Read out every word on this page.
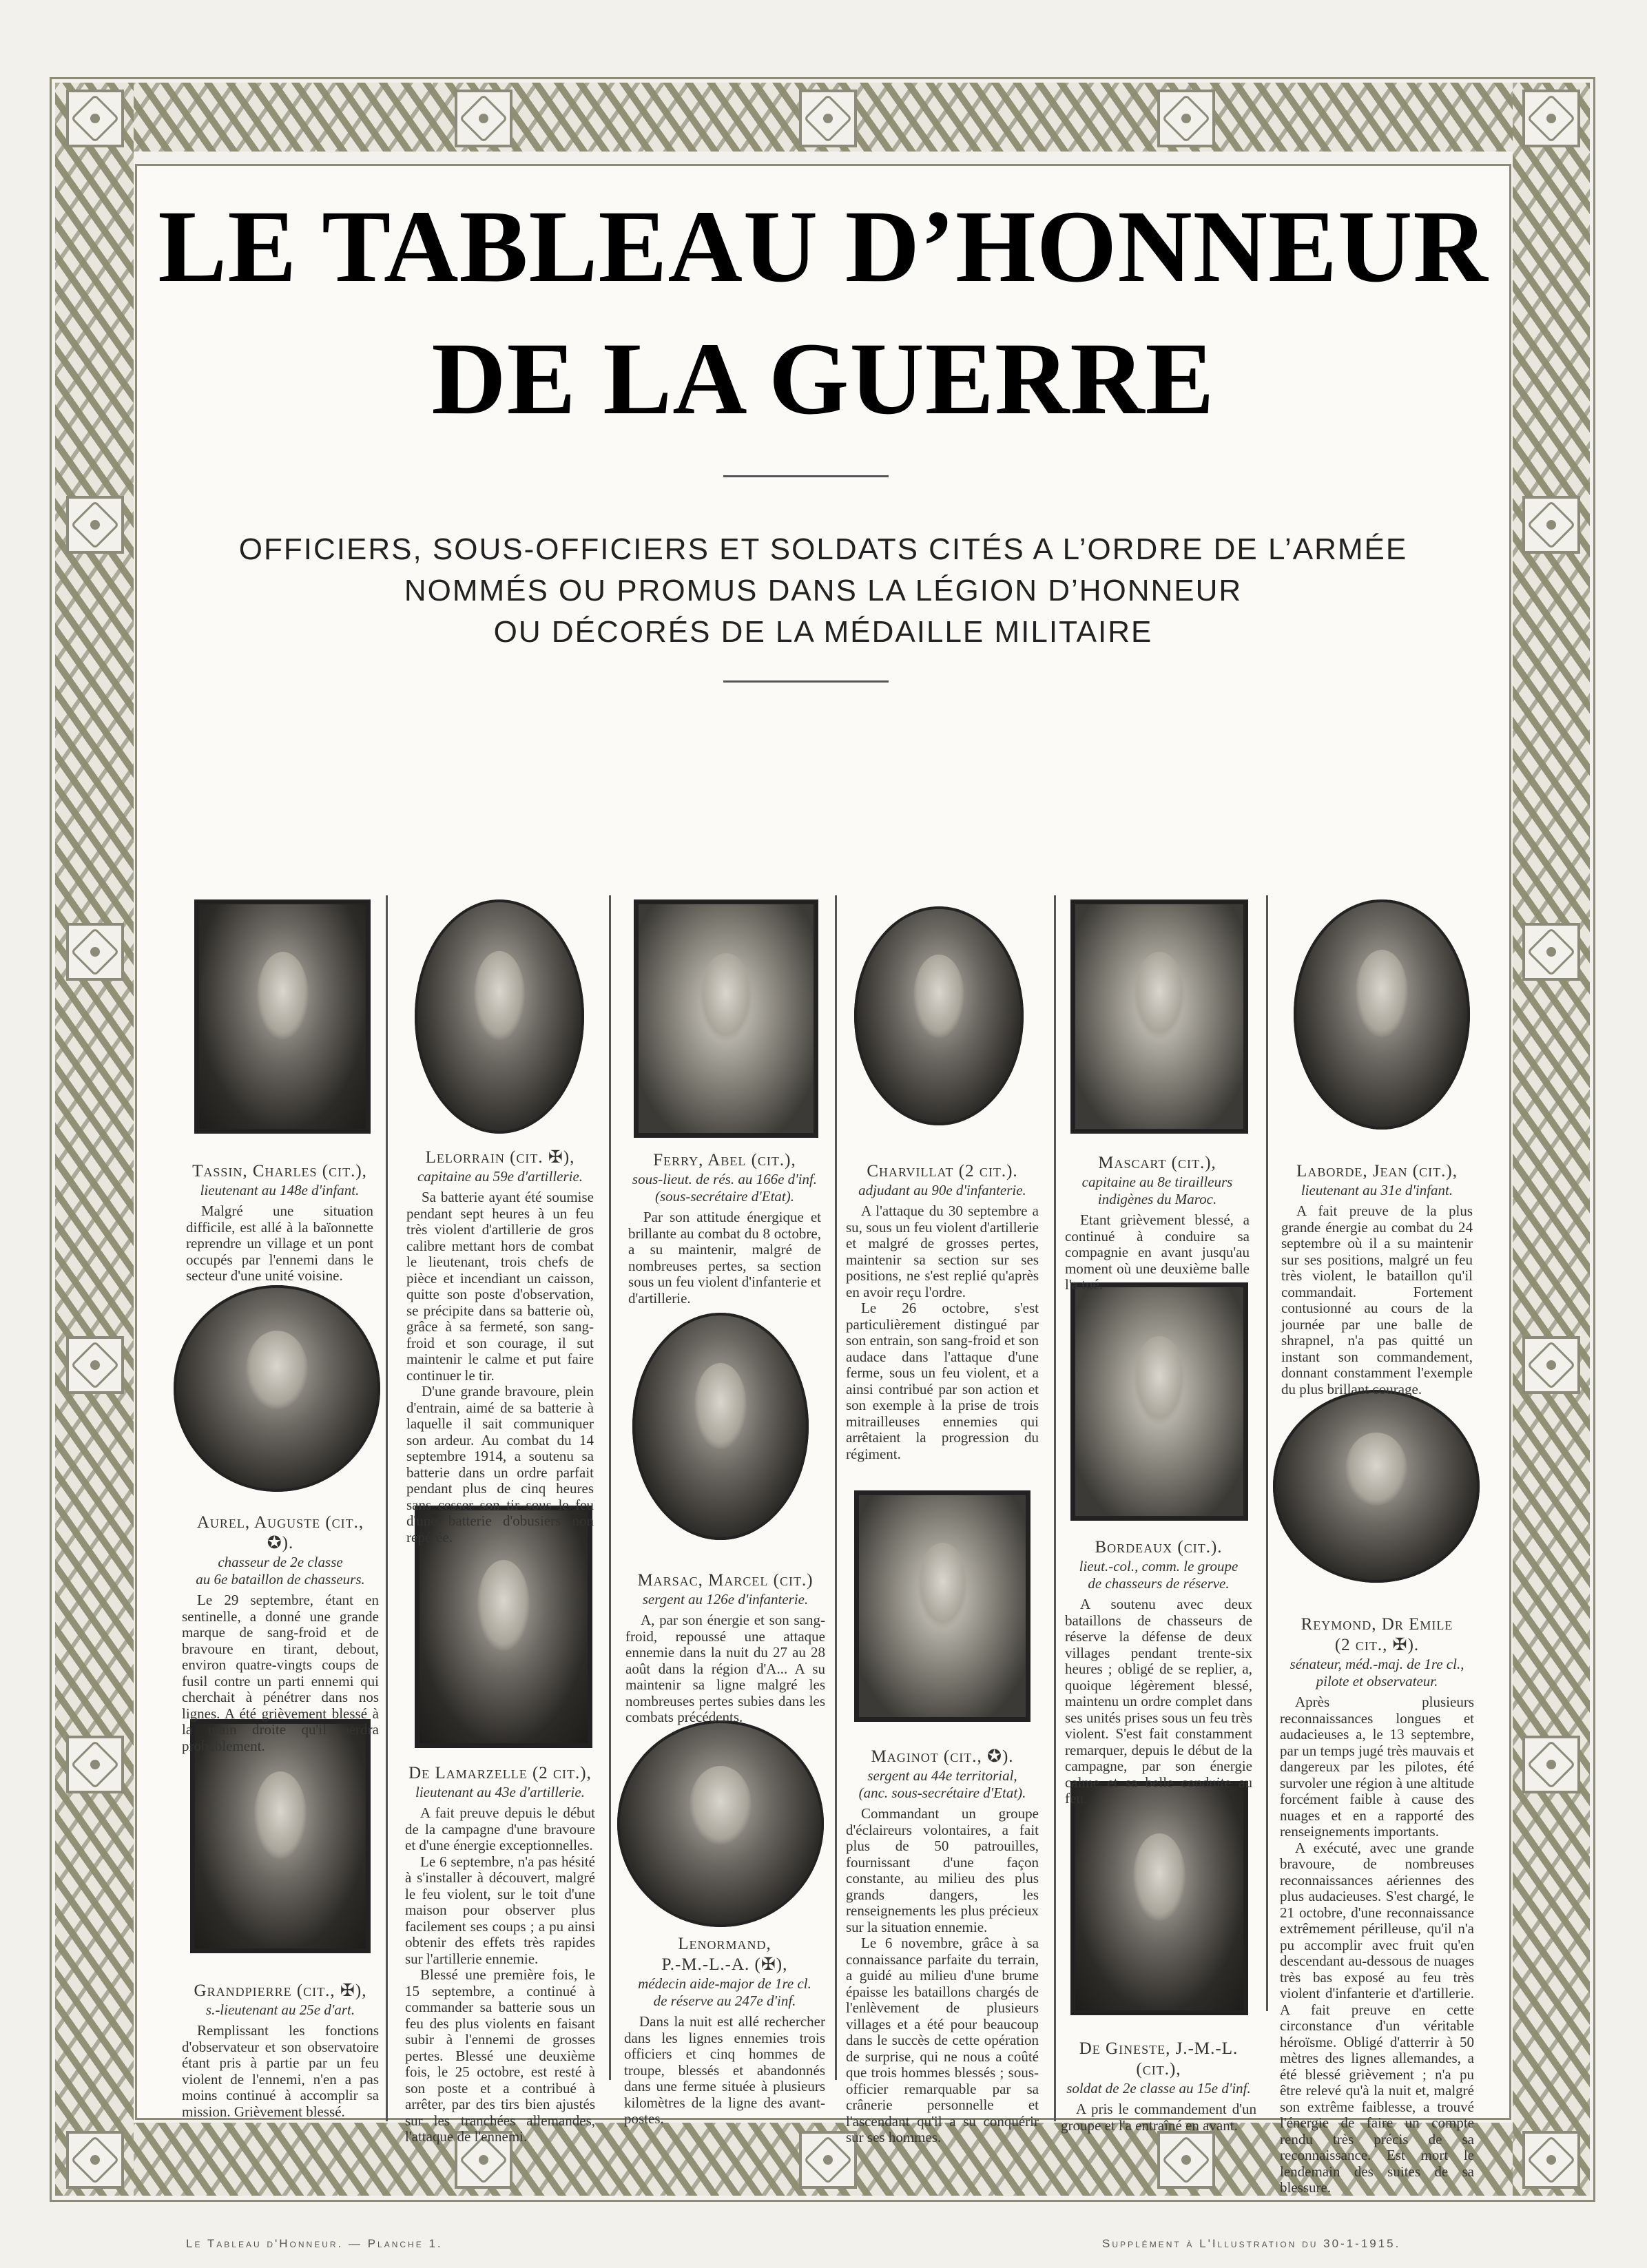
LE TABLEAU D’HONNEUR
DE LA GUERRE
OFFICIERS, SOUS-OFFICIERS ET SOLDATS CITÉS A L’ORDRE DE L’ARMÉE
NOMMÉS OU PROMUS DANS LA LÉGION D’HONNEUR
OU DÉCORÉS DE LA MÉDAILLE MILITAIRE
Tassin, Charles (cit.),
lieutenant au 148e d'infant.

Malgré une situation difficile, est allé à la baïonnette reprendre un village et un pont occupés par l'ennemi dans le secteur d'une unité voisine.

Lelorrain (cit. ✠),
capitaine au 59e d'artillerie.

Sa batterie ayant été soumise pendant sept heures à un feu très violent d'artillerie de gros calibre mettant hors de combat le lieutenant, trois chefs de pièce et incendiant un caisson, quitte son poste d'observation, se précipite dans sa batterie où, grâce à sa fermeté, son sang-froid et son courage, il sut maintenir le calme et put faire continuer le tir.

D'une grande bravoure, plein d'entrain, aimé de sa batterie à laquelle il sait communiquer son ardeur. Au combat du 14 septembre 1914, a soutenu sa batterie dans un ordre parfait pendant plus de cinq heures sans cesser son tir sous le feu d'une batterie d'obusiers non repérée.

Ferry, Abel (cit.),
sous-lieut. de rés. au 166e d'inf.
(sous-secrétaire d'Etat).

Par son attitude énergique et brillante au combat du 8 octobre, a su maintenir, malgré de nombreuses pertes, sa section sous un feu violent d'infanterie et d'artillerie.

Charvillat (2 cit.).
adjudant au 90e d'infanterie.

A l'attaque du 30 septembre a su, sous un feu violent d'artillerie et malgré de grosses pertes, maintenir sa section sur ses positions, ne s'est replié qu'après en avoir reçu l'ordre.

Le 26 octobre, s'est particulièrement distingué par son entrain, son sang-froid et son audace dans l'attaque d'une ferme, sous un feu violent, et a ainsi contribué par son action et son exemple à la prise de trois mitrailleuses ennemies qui arrêtaient la progression du régiment.

Mascart (cit.),
capitaine au 8e tirailleurs
indigènes du Maroc.

Etant grièvement blessé, a continué à conduire sa compagnie en avant jusqu'au moment où une deuxième balle l'a tué.

Laborde, Jean (cit.),
lieutenant au 31e d'infant.

A fait preuve de la plus grande énergie au combat du 24 septembre où il a su maintenir sur ses positions, malgré un feu très violent, le bataillon qu'il commandait. Fortement contusionné au cours de la journée par une balle de shrapnel, n'a pas quitté un instant son commandement, donnant constamment l'exemple du plus brillant courage.

Aurel, Auguste (cit., ✪).
chasseur de 2e classe
au 6e bataillon de chasseurs.

Le 29 septembre, étant en sentinelle, a donné une grande marque de sang-froid et de bravoure en tirant, debout, environ quatre-vingts coups de fusil contre un parti ennemi qui cherchait à pénétrer dans nos lignes. A été grièvement blessé à la main droite qu'il perdra probablement.

De Lamarzelle (2 cit.),
lieutenant au 43e d'artillerie.

A fait preuve depuis le début de la campagne d'une bravoure et d'une énergie exceptionnelles.

Le 6 septembre, n'a pas hésité à s'installer à découvert, malgré le feu violent, sur le toit d'une maison pour observer plus facilement ses coups ; a pu ainsi obtenir des effets très rapides sur l'artillerie ennemie.

Blessé une première fois, le 15 septembre, a continué à commander sa batterie sous un feu des plus violents en faisant subir à l'ennemi de grosses pertes. Blessé une deuxième fois, le 25 octobre, est resté à son poste et a contribué à arrêter, par des tirs bien ajustés sur les tranchées allemandes, l'attaque de l'ennemi.

Marsac, Marcel (cit.)
sergent au 126e d'infanterie.

A, par son énergie et son sang-froid, repoussé une attaque ennemie dans la nuit du 27 au 28 août dans la région d'A... A su maintenir sa ligne malgré les nombreuses pertes subies dans les combats précédents.

Maginot (cit., ✪).
sergent au 44e territorial,
(anc. sous-secrétaire d'Etat).

Commandant un groupe d'éclaireurs volontaires, a fait plus de 50 patrouilles, fournissant d'une façon constante, au milieu des plus grands dangers, les renseignements les plus précieux sur la situation ennemie.

Le 6 novembre, grâce à sa connaissance parfaite du terrain, a guidé au milieu d'une brume épaisse les bataillons chargés de l'enlèvement de plusieurs villages et a été pour beaucoup dans le succès de cette opération de surprise, qui ne nous a coûté que trois hommes blessés ; sous-officier remarquable par sa crânerie personnelle et l'ascendant qu'il a su conquérir sur ses hommes.

Bordeaux (cit.).
lieut.-col., comm. le groupe
de chasseurs de réserve.

A soutenu avec deux bataillons de chasseurs de réserve la défense de deux villages pendant trente-six heures ; obligé de se replier, a, quoique légèrement blessé, maintenu un ordre complet dans ses unités prises sous un feu très violent. S'est fait constamment remarquer, depuis le début de la campagne, par son énergie calme et sa belle conduite au feu.

Reymond, Dr Emile
(2 cit., ✠).
sénateur, méd.-maj. de 1re cl.,
pilote et observateur.

Après plusieurs reconnaissances longues et audacieuses a, le 13 septembre, par un temps jugé très mauvais et dangereux par les pilotes, été survoler une région à une altitude forcément faible à cause des nuages et en a rapporté des renseignements importants.

A exécuté, avec une grande bravoure, de nombreuses reconnaissances aériennes des plus audacieuses. S'est chargé, le 21 octobre, d'une reconnaissance extrêmement périlleuse, qu'il n'a pu accomplir avec fruit qu'en descendant au-dessous de nuages très bas exposé au feu très violent d'infanterie et d'artillerie. A fait preuve en cette circonstance d'un véritable héroïsme. Obligé d'atterrir à 50 mètres des lignes allemandes, a été blessé grièvement ; n'a pu être relevé qu'à la nuit et, malgré son extrême faiblesse, a trouvé l'énergie de faire un compte rendu très précis de sa reconnaissance. Est mort le lendemain des suites de sa blessure.

Grandpierre (cit., ✠),
s.-lieutenant au 25e d'art.

Remplissant les fonctions d'observateur et son observatoire étant pris à partie par un feu violent de l'ennemi, n'en a pas moins continué à accomplir sa mission. Grièvement blessé.

Lenormand,
P.-M.-L.-A. (✠),
médecin aide-major de 1re cl.
de réserve au 247e d'inf.

Dans la nuit est allé rechercher dans les lignes ennemies trois officiers et cinq hommes de troupe, blessés et abandonnés dans une ferme située à plusieurs kilomètres de la ligne des avant-postes.

De Gineste, J.-M.-L. (cit.),
soldat de 2e classe au 15e d'inf.

A pris le commandement d'un groupe et l'a entraîné en avant.

Le Tableau d'Honneur. — Planche 1.	Supplément à L'Illustration du 30-1-1915.
